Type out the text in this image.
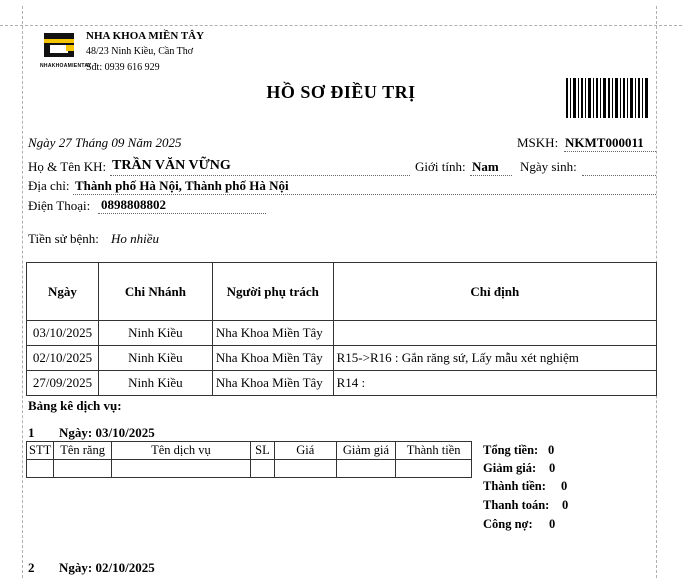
NHAKHOAMIENTAY
NHA KHOA MIỀN TÂY
48/23 Ninh Kiều, Cần Thơ
Sđt: 0939 616 929
HỒ SƠ ĐIỀU TRỊ
Ngày 27 Tháng 09 Năm 2025	MSKH: NKMT000011
Họ & Tên KH: TRẦN VĂN VỮNG	Giới tính: Nam Ngày sinh:
Địa chỉ: Thành phố Hà Nội, Thành phố Hà Nội
Điện Thoại: 0898808802
Tiền sử bệnh: Ho nhiều
Ngày	Chi Nhánh	Người phụ trách	Chỉ định
03/10/2025	Ninh Kiều	Nha Khoa Miền Tây	
02/10/2025	Ninh Kiều	Nha Khoa Miền Tây	R15->R16 : Gắn răng sứ, Lấy mẫu xét nghiệm
27/09/2025	Ninh Kiều	Nha Khoa Miền Tây	R14 :
Bảng kê dịch vụ:
1 Ngày: 03/10/2025
STT	Tên răng	Tên dịch vụ	SL	Giá	Giảm giá	Thành tiền
						Tổng tiền: 0
Giảm giá: 0
Thành tiền: 0
Thanh toán: 0
Công nợ: 0
2 Ngày: 02/10/2025
